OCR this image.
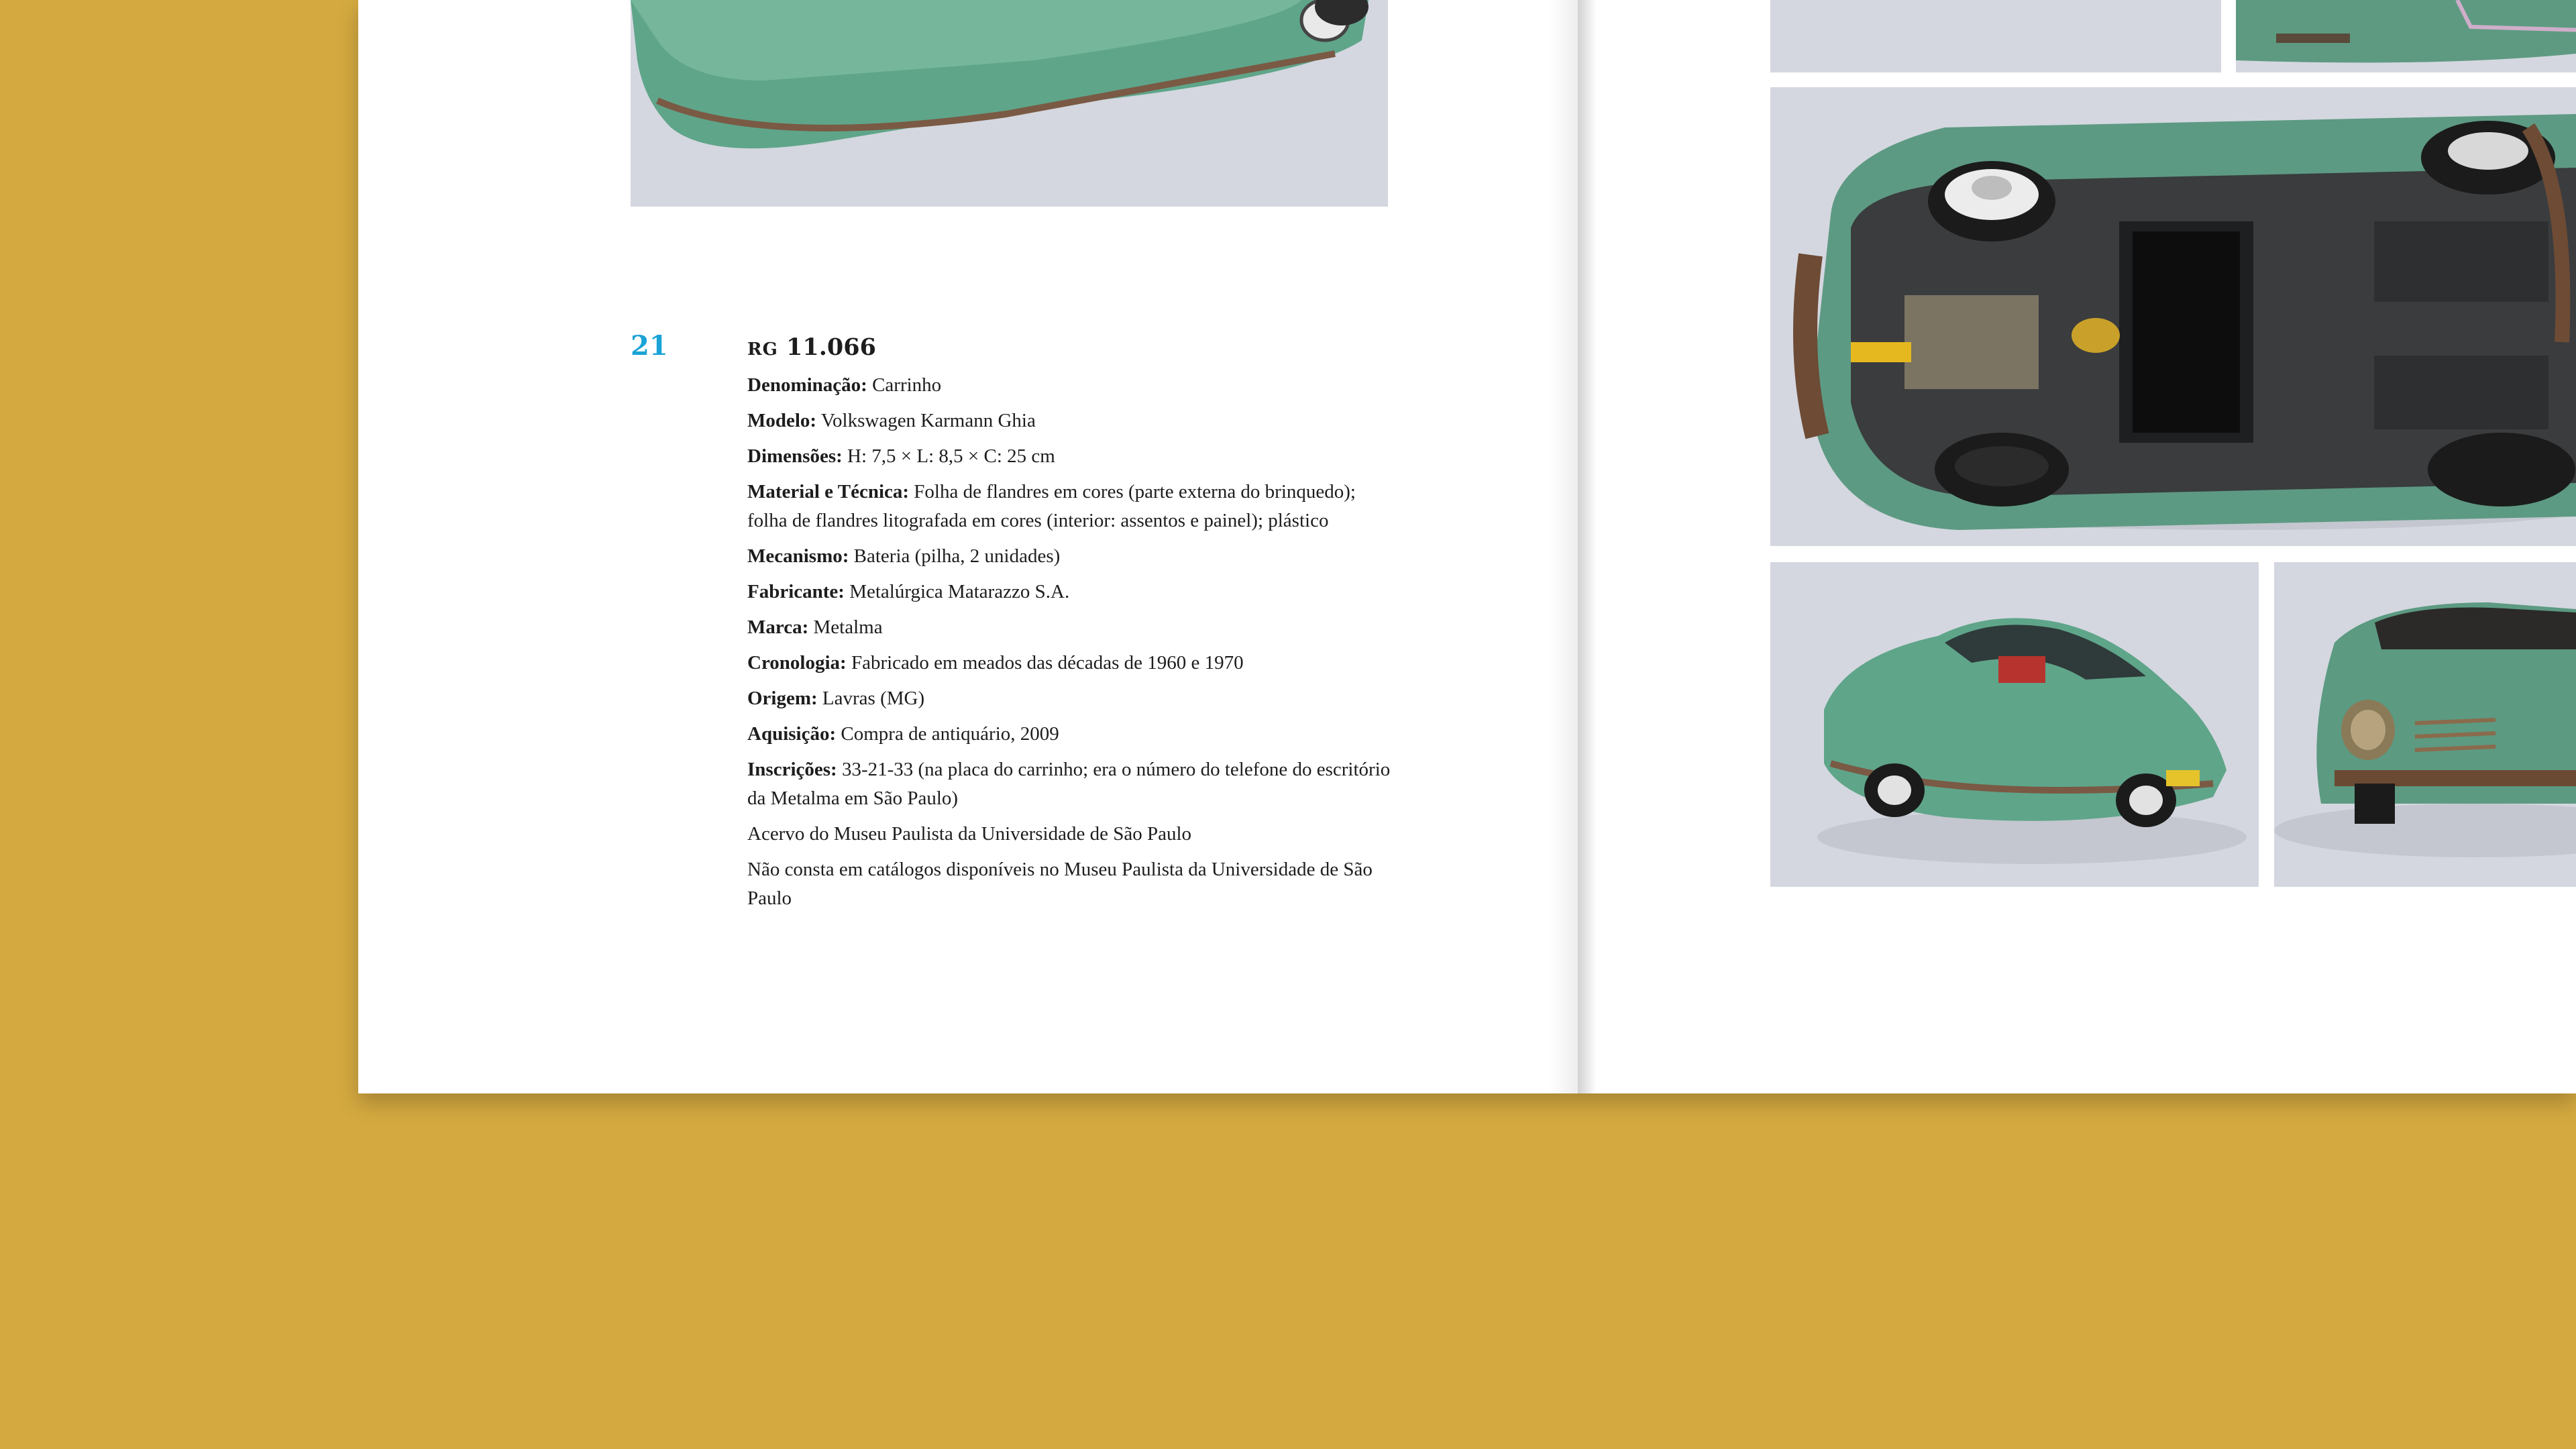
21	RG 11.066
Denominação: Carrinho
Modelo: Volkswagen Karmann Ghia
Dimensões: H: 7,5 × L: 8,5 × C: 25 cm
Material e Técnica: Folha de flandres em cores (parte externa do brinquedo); folha de flandres litografada em cores (interior: assentos e painel); plástico
Mecanismo: Bateria (pilha, 2 unidades)
Fabricante: Metalúrgica Matarazzo S.A.
Marca: Metalma
Cronologia: Fabricado em meados das décadas de 1960 e 1970
Origem: Lavras (MG)
Aquisição: Compra de antiquário, 2009
Inscrições: 33-21-33 (na placa do carrinho; era o número do telefone do escritório da Metalma em São Paulo)
Acervo do Museu Paulista da Universidade de São Paulo
Não consta em catálogos disponíveis no Museu Paulista da Universidade de São Paulo
